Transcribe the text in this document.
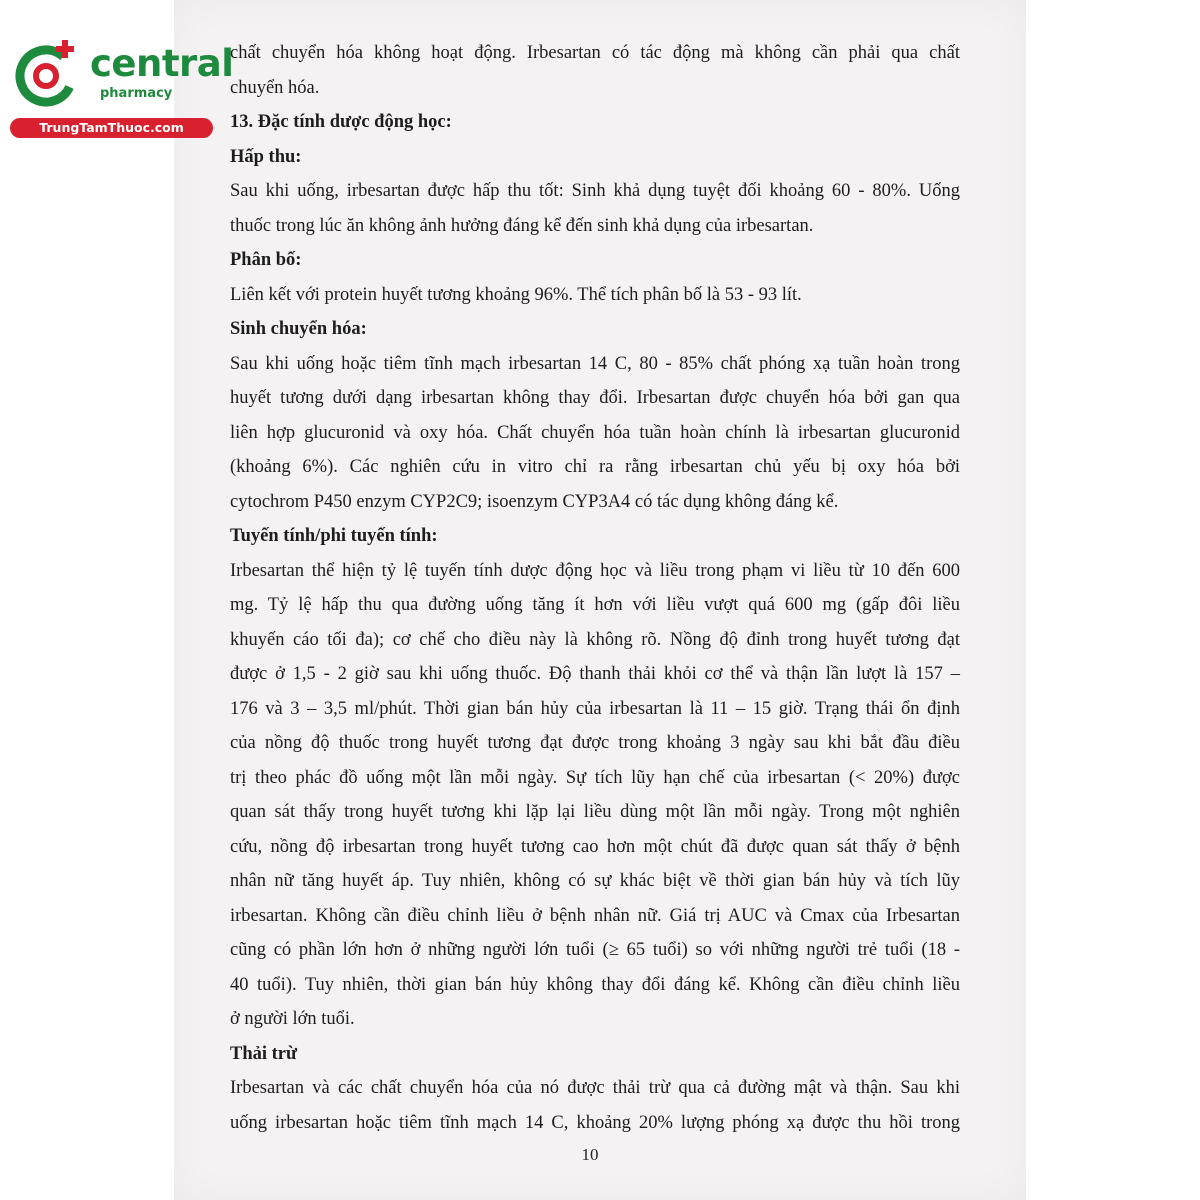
central
pharmacy
TrungTamThuoc.com
chất chuyển hóa không hoạt động. Irbesartan có tác động mà không cần phải qua chất
chuyển hóa.
13. Đặc tính dược động học:
Hấp thu:
Sau khi uống, irbesartan được hấp thu tốt: Sinh khả dụng tuyệt đối khoảng 60 - 80%. Uống
thuốc trong lúc ăn không ảnh hưởng đáng kể đến sinh khả dụng của irbesartan.
Phân bố:
Liên kết với protein huyết tương khoảng 96%. Thể tích phân bố là 53 - 93 lít.
Sinh chuyển hóa:
Sau khi uống hoặc tiêm tĩnh mạch irbesartan 14 C, 80 - 85% chất phóng xạ tuần hoàn trong
huyết tương dưới dạng irbesartan không thay đổi. Irbesartan được chuyển hóa bởi gan qua
liên hợp glucuronid và oxy hóa. Chất chuyển hóa tuần hoàn chính là irbesartan glucuronid
(khoảng 6%). Các nghiên cứu in vitro chỉ ra rằng irbesartan chủ yếu bị oxy hóa bởi
cytochrom P450 enzym CYP2C9; isoenzym CYP3A4 có tác dụng không đáng kể.
Tuyến tính/phi tuyến tính:
Irbesartan thể hiện tỷ lệ tuyến tính dược động học và liều trong phạm vi liều từ 10 đến 600
mg. Tỷ lệ hấp thu qua đường uống tăng ít hơn với liều vượt quá 600 mg (gấp đôi liều
khuyến cáo tối đa); cơ chế cho điều này là không rõ. Nồng độ đỉnh trong huyết tương đạt
được ở 1,5 - 2 giờ sau khi uống thuốc. Độ thanh thải khỏi cơ thể và thận lần lượt là 157 –
176 và 3 – 3,5 ml/phút. Thời gian bán hủy của irbesartan là 11 – 15 giờ. Trạng thái ổn định
của nồng độ thuốc trong huyết tương đạt được trong khoảng 3 ngày sau khi bắt đầu điều
trị theo phác đồ uống một lần mỗi ngày. Sự tích lũy hạn chế của irbesartan (< 20%) được
quan sát thấy trong huyết tương khi lặp lại liều dùng một lần mỗi ngày. Trong một nghiên
cứu, nồng độ irbesartan trong huyết tương cao hơn một chút đã được quan sát thấy ở bệnh
nhân nữ tăng huyết áp. Tuy nhiên, không có sự khác biệt về thời gian bán hủy và tích lũy
irbesartan. Không cần điều chỉnh liều ở bệnh nhân nữ. Giá trị AUC và Cmax của Irbesartan
cũng có phần lớn hơn ở những người lớn tuổi (≥ 65 tuổi) so với những người trẻ tuổi (18 -
40 tuổi). Tuy nhiên, thời gian bán hủy không thay đổi đáng kể. Không cần điều chỉnh liều
ở người lớn tuổi.
Thải trừ
Irbesartan và các chất chuyển hóa của nó được thải trừ qua cả đường mật và thận. Sau khi
uống irbesartan hoặc tiêm tĩnh mạch 14 C, khoảng 20% lượng phóng xạ được thu hồi trong
10
